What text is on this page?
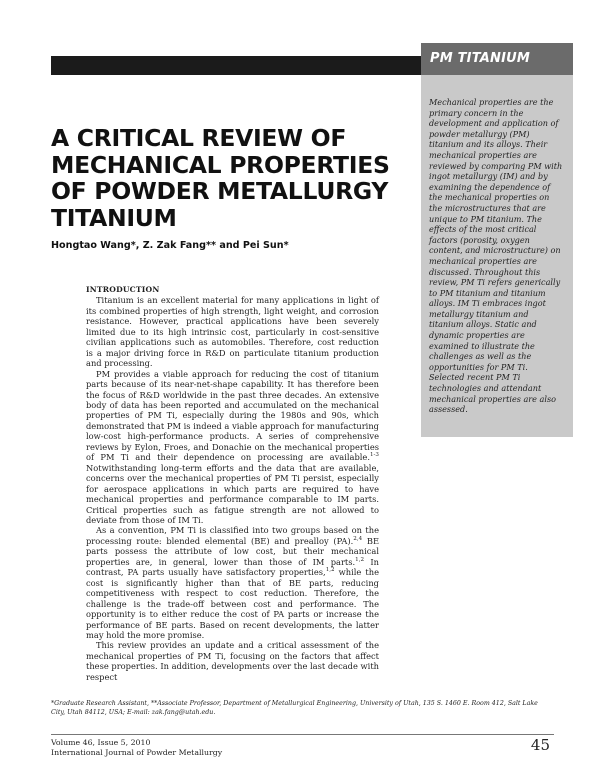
PM TITANIUM

Mechanical properties are the primary concern in the development and application of powder metallurgy (PM) titanium and its alloys. Their mechanical properties are reviewed by comparing PM with ingot metallurgy (IM) and by examining the dependence of the mechanical properties on the microstructures that are unique to PM titanium. The effects of the most critical factors (porosity, oxygen content, and microstructure) on mechanical properties are discussed. Throughout this review, PM Ti refers generically to PM titanium and titanium alloys. IM Ti embraces ingot metallurgy titanium and titanium alloys. Static and dynamic properties are examined to illustrate the challenges as well as the opportunities for PM Ti. Selected recent PM Ti technologies and attendant mechanical properties are also assessed.

A CRITICAL REVIEW OF MECHANICAL PROPERTIES OF POWDER METALLURGY TITANIUM

Hongtao Wang*, Z. Zak Fang** and Pei Sun*

INTRODUCTION

Titanium is an excellent material for many applications in light of its combined properties of high strength, light weight, and corrosion resistance. However, practical applications have been severely limited due to its high intrinsic cost, particularly in cost-sensitive civilian applications such as automobiles. Therefore, cost reduction is a major driving force in R&D on particulate titanium production and processing.

PM provides a viable approach for reducing the cost of titanium parts because of its near-net-shape capability. It has therefore been the focus of R&D worldwide in the past three decades. An extensive body of data has been reported and accumulated on the mechanical properties of PM Ti, especially during the 1980s and 90s, which demonstrated that PM is indeed a viable approach for manufacturing low-cost high-performance products. A series of comprehensive reviews by Eylon, Froes, and Donachie on the mechanical properties of PM Ti and their dependence on processing are available.$^{1-3}$ Notwithstanding long-term efforts and the data that are available, concerns over the mechanical properties of PM Ti persist, especially for aerospace applications in which parts are required to have mechanical properties and performance comparable to IM parts. Critical properties such as fatigue strength are not allowed to deviate from those of IM Ti.

As a convention, PM Ti is classified into two groups based on the processing route: blended elemental (BE) and prealloy (PA).$^{2,4}$ BE parts possess the attribute of low cost, but their mechanical properties are, in general, lower than those of IM parts.$^{1,2}$ In contrast, PA parts usually have satisfactory properties,$^{1,2}$ while the cost is significantly higher than that of BE parts, reducing competitiveness with respect to cost reduction. Therefore, the challenge is the trade-off between cost and performance. The opportunity is to either reduce the cost of PA parts or increase the performance of BE parts. Based on recent developments, the latter may hold the more promise.

This review provides an update and a critical assessment of the mechanical properties of PM Ti, focusing on the factors that affect these properties. In addition, developments over the last decade with respect

*Graduate Research Assistant, **Associate Professor, Department of Metallurgical Engineering, University of Utah, 135 S. 1460 E. Room 412, Salt Lake City, Utah 84112, USA; E-mail: zak.fang@utah.edu.

Volume 46, Issue 5, 2010
International Journal of Powder Metallurgy	45
